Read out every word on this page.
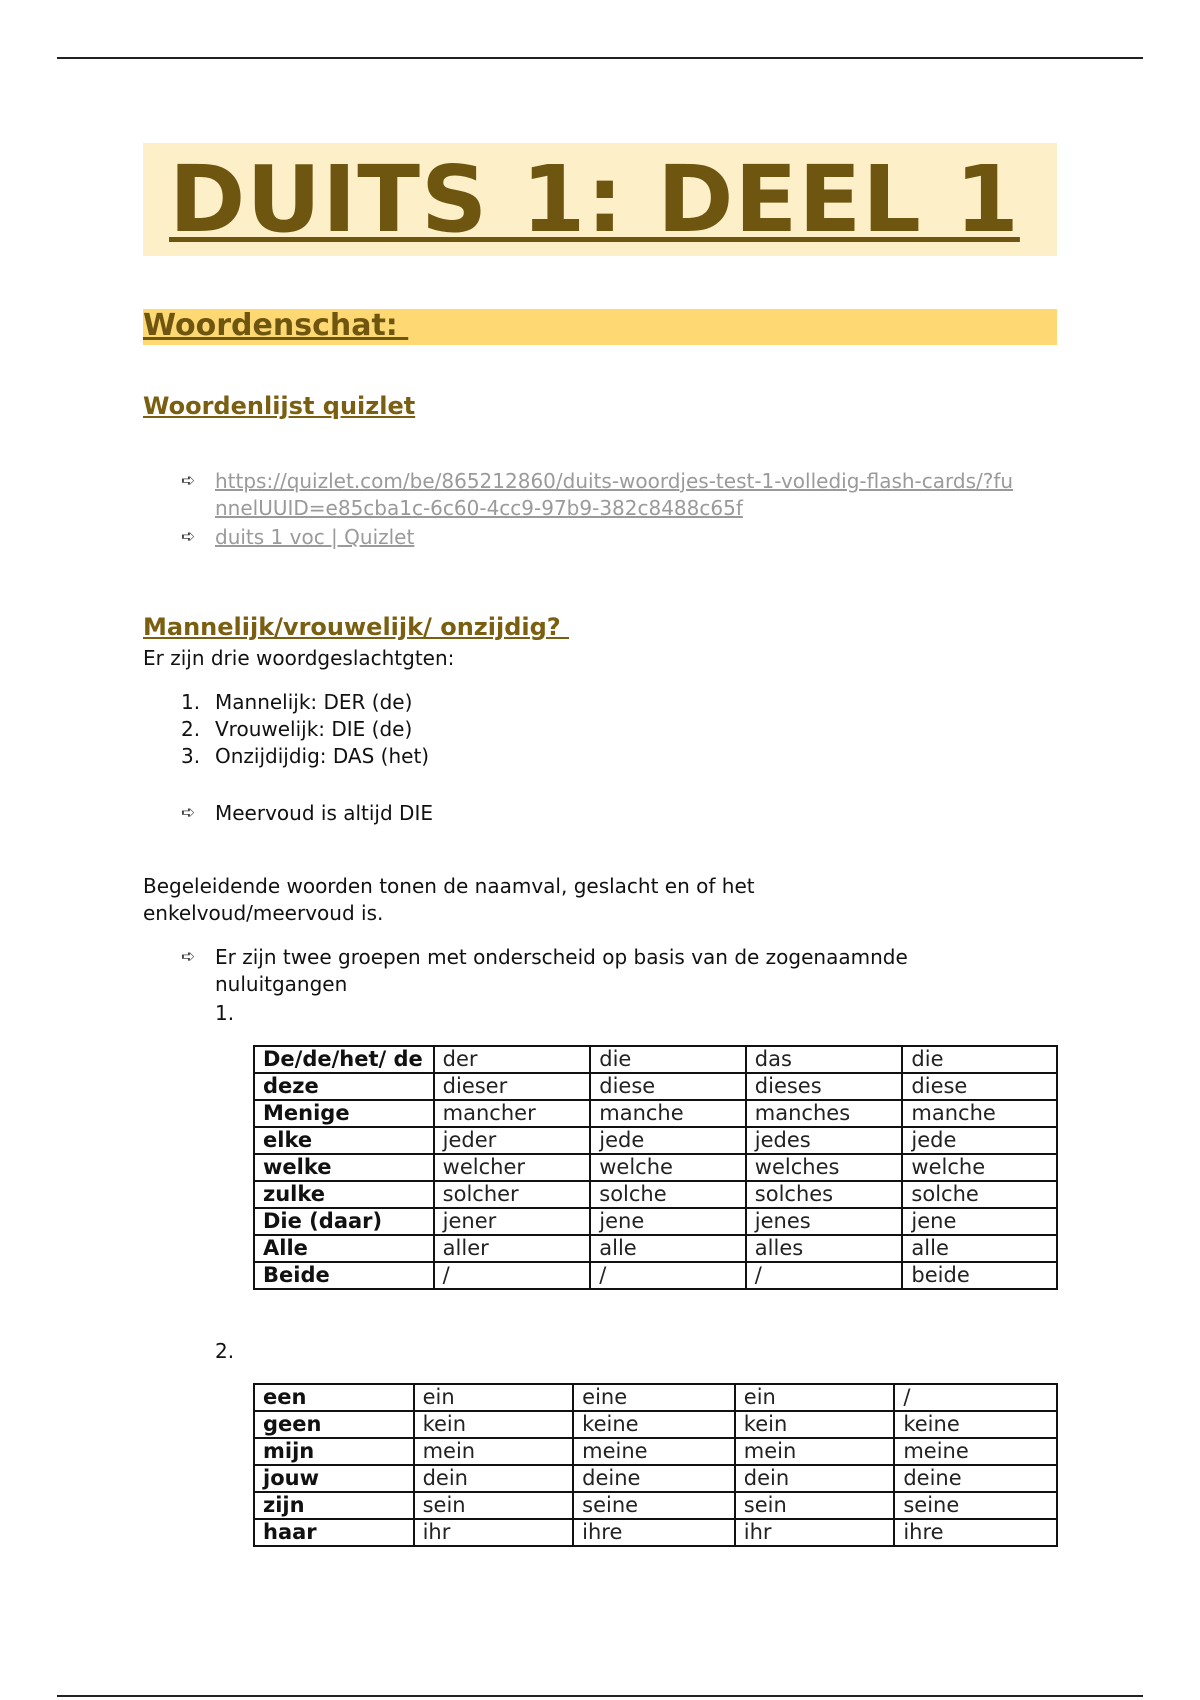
DUITS 1: DEEL 1
Woordenschat:
Woordenlijst quizlet
➪ https://quizlet.com/be/865212860/duits-woordjes-test-1-volledig-flash-cards/?funnelUUID=e85cba1c-6c60-4cc9-97b9-382c8488c65f
➪ duits 1 voc | Quizlet
Mannelijk/vrouwelijk/ onzijdig?
Er zijn drie woordgeslachtgten:
1. Mannelijk: DER (de)
2. Vrouwelijk: DIE (de)
3. Onzijdijdig: DAS (het)
➪ Meervoud is altijd DIE
Begeleidende woorden tonen de naamval, geslacht en of het enkelvoud/meervoud is.
➪ Er zijn twee groepen met onderscheid op basis van de zogenaamnde nuluitgangen
1.
De/de/het/ de	der	die	das	die
deze	dieser	diese	dieses	diese
Menige	mancher	manche	manches	manche
elke	jeder	jede	jedes	jede
welke	welcher	welche	welches	welche
zulke	solcher	solche	solches	solche
Die (daar)	jener	jene	jenes	jene
Alle	aller	alle	alles	alle
Beide	/	/	/	beide
2.
een	ein	eine	ein	/
geen	kein	keine	kein	keine
mijn	mein	meine	mein	meine
jouw	dein	deine	dein	deine
zijn	sein	seine	sein	seine
haar	ihr	ihre	ihr	ihre
